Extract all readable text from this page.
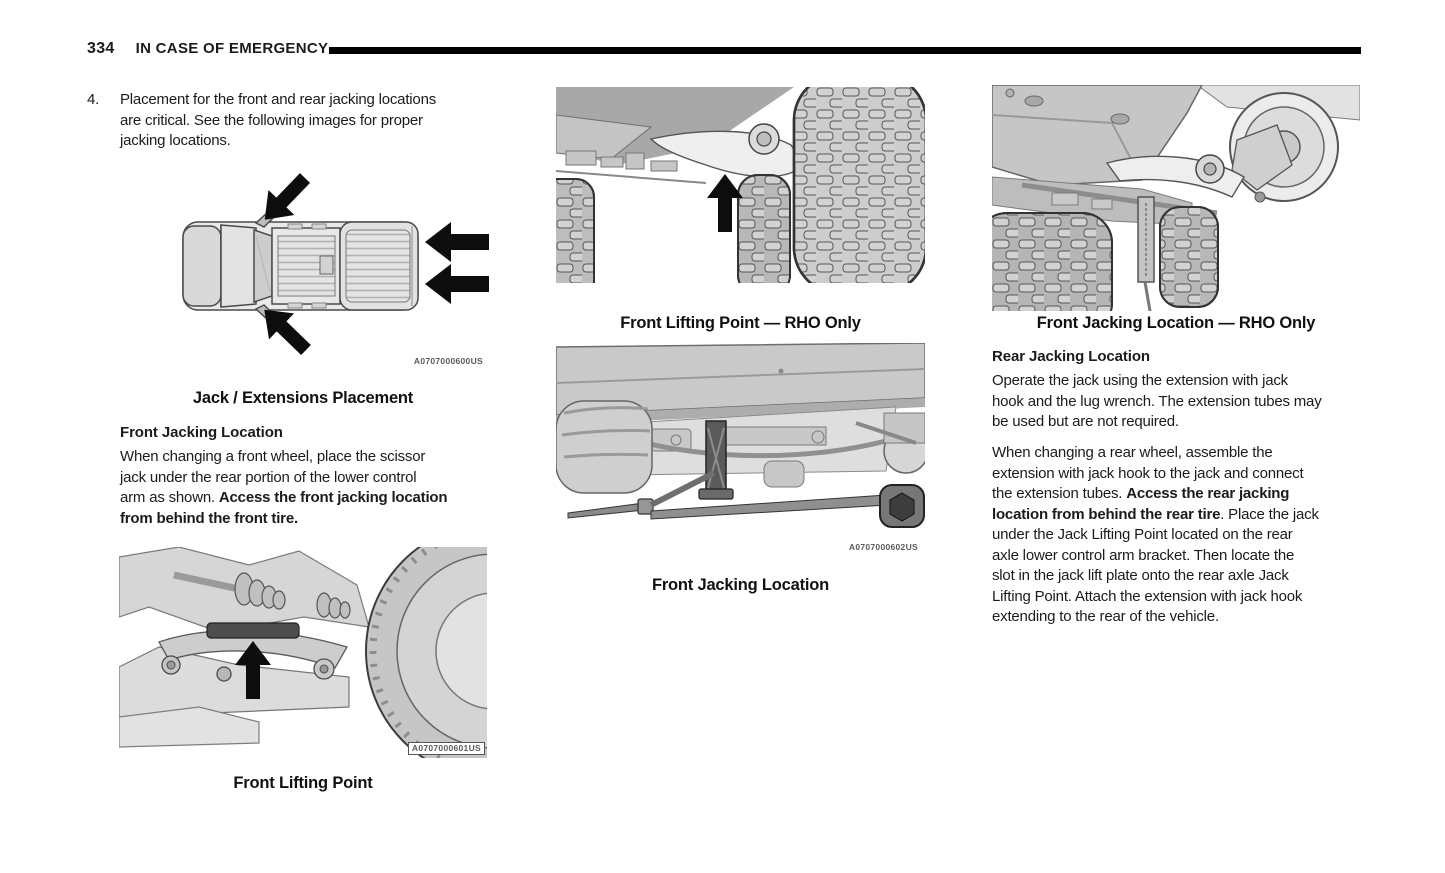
334 IN CASE OF EMERGENCY
4. Placement for the front and rear jacking locations
are critical. See the following images for proper
jacking locations.

A0707000600US
Jack / Extensions Placement
Front Jacking Location

When changing a front wheel, place the scissor
jack under the rear portion of the lower control
arm as shown. Access the front jacking location
from behind the front tire.

A0707000601US
Front Lifting Point
Front Lifting Point — RHO Only
A0707000602US
Front Jacking Location
Front Jacking Location — RHO Only
Rear Jacking Location

Operate the jack using the extension with jack
hook and the lug wrench. The extension tubes may
be used but are not required.

When changing a rear wheel, assemble the
extension with jack hook to the jack and connect
the extension tubes. Access the rear jacking
location from behind the rear tire. Place the jack
under the Jack Lifting Point located on the rear
axle lower control arm bracket. Then locate the
slot in the jack lift plate onto the rear axle Jack
Lifting Point. Attach the extension with jack hook
extending to the rear of the vehicle.
